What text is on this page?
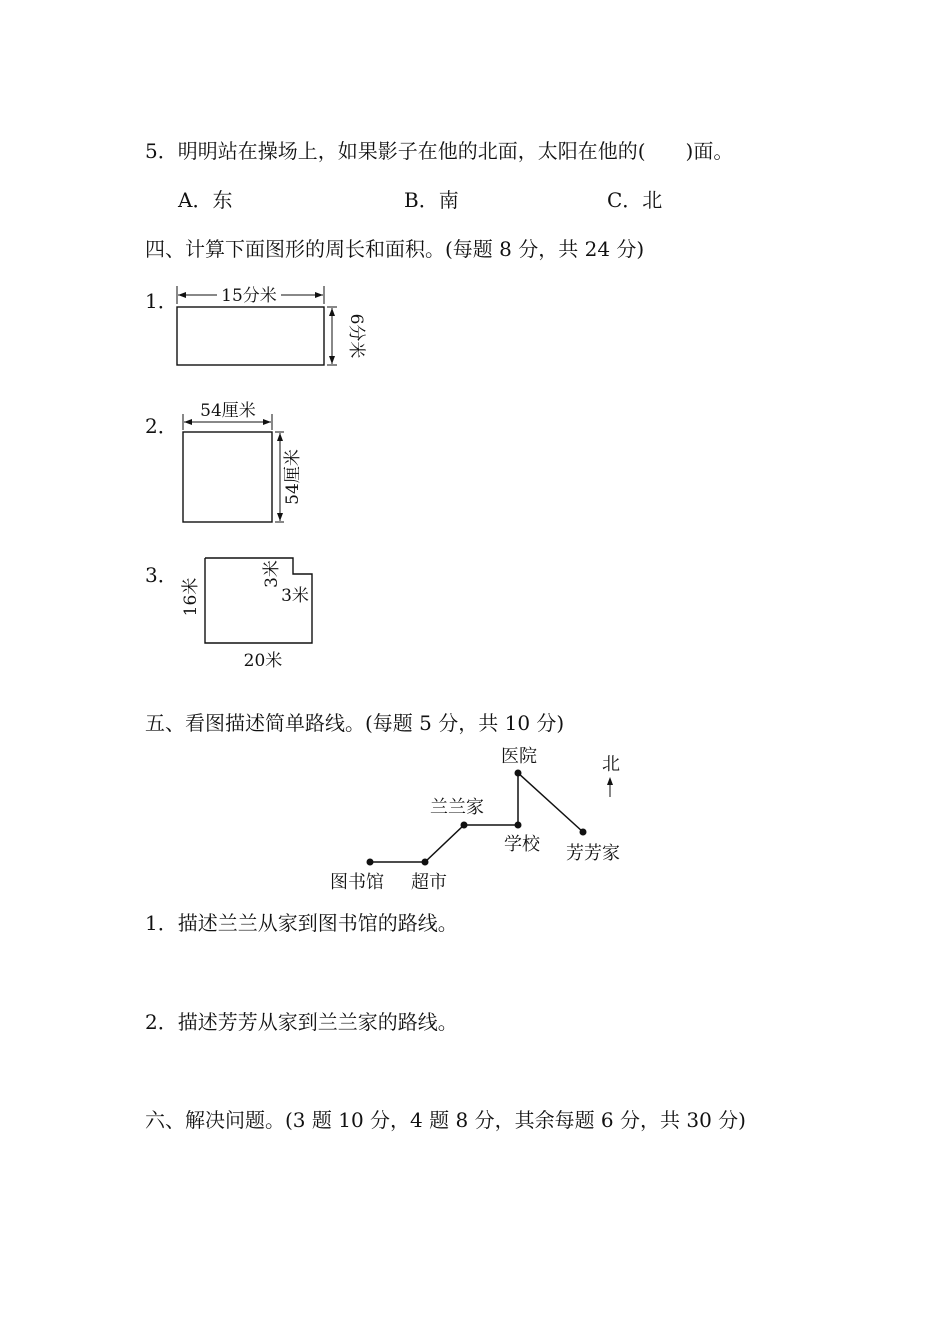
5．明明站在操场上，如果影子在他的北面，太阳在他的(　　)面。
A．东	B．南	C．北
四、计算下面图形的周长和面积。(每题 8 分，共 24 分)
1．	15分米
6分米
2．
54厘米
54厘米
3．
16米
20米
3米
3米
五、看图描述简单路线。(每题 5 分，共 10 分)
医院
兰兰家
学校 芳芳家
图书馆 超市
北
1．描述兰兰从家到图书馆的路线。
2．描述芳芳从家到兰兰家的路线。
六、解决问题。(3 题 10 分，4 题 8 分，其余每题 6 分，共 30 分)
